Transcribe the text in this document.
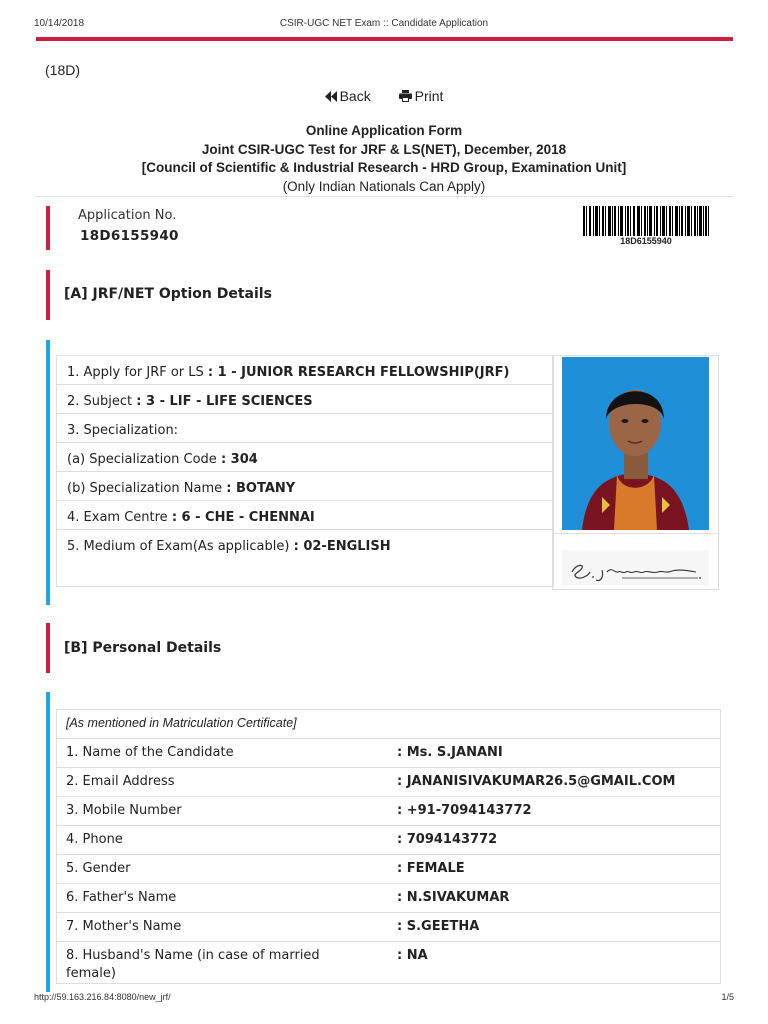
10/14/2018	CSIR-UGC NET Exam :: Candidate Application
(18D)
Back	Print
Online Application Form
Joint CSIR-UGC Test for JRF & LS(NET), December, 2018
[Council of Scientific & Industrial Research - HRD Group, Examination Unit]
(Only Indian Nationals Can Apply)
Application No.
18D6155940	18D6155940
[A] JRF/NET Option Details
1. Apply for JRF or LS : 1 - JUNIOR RESEARCH FELLOWSHIP(JRF)
2. Subject : 3 - LIF - LIFE SCIENCES
3. Specialization:
(a) Specialization Code : 304
(b) Specialization Name : BOTANY
4. Exam Centre : 6 - CHE - CHENNAI
5. Medium of Exam(As applicable) : 02-ENGLISH
[B] Personal Details
[As mentioned in Matriculation Certificate]
1. Name of the Candidate	: Ms. S.JANANI
2. Email Address	: JANANISIVAKUMAR26.5@GMAIL.COM
3. Mobile Number	: +91-7094143772
4. Phone	: 7094143772
5. Gender	: FEMALE
6. Father's Name	: N.SIVAKUMAR
7. Mother's Name	: S.GEETHA
8. Husband's Name (in case of married female)
: NA
http://59.163.216.84:8080/new_jrf/	1/5
